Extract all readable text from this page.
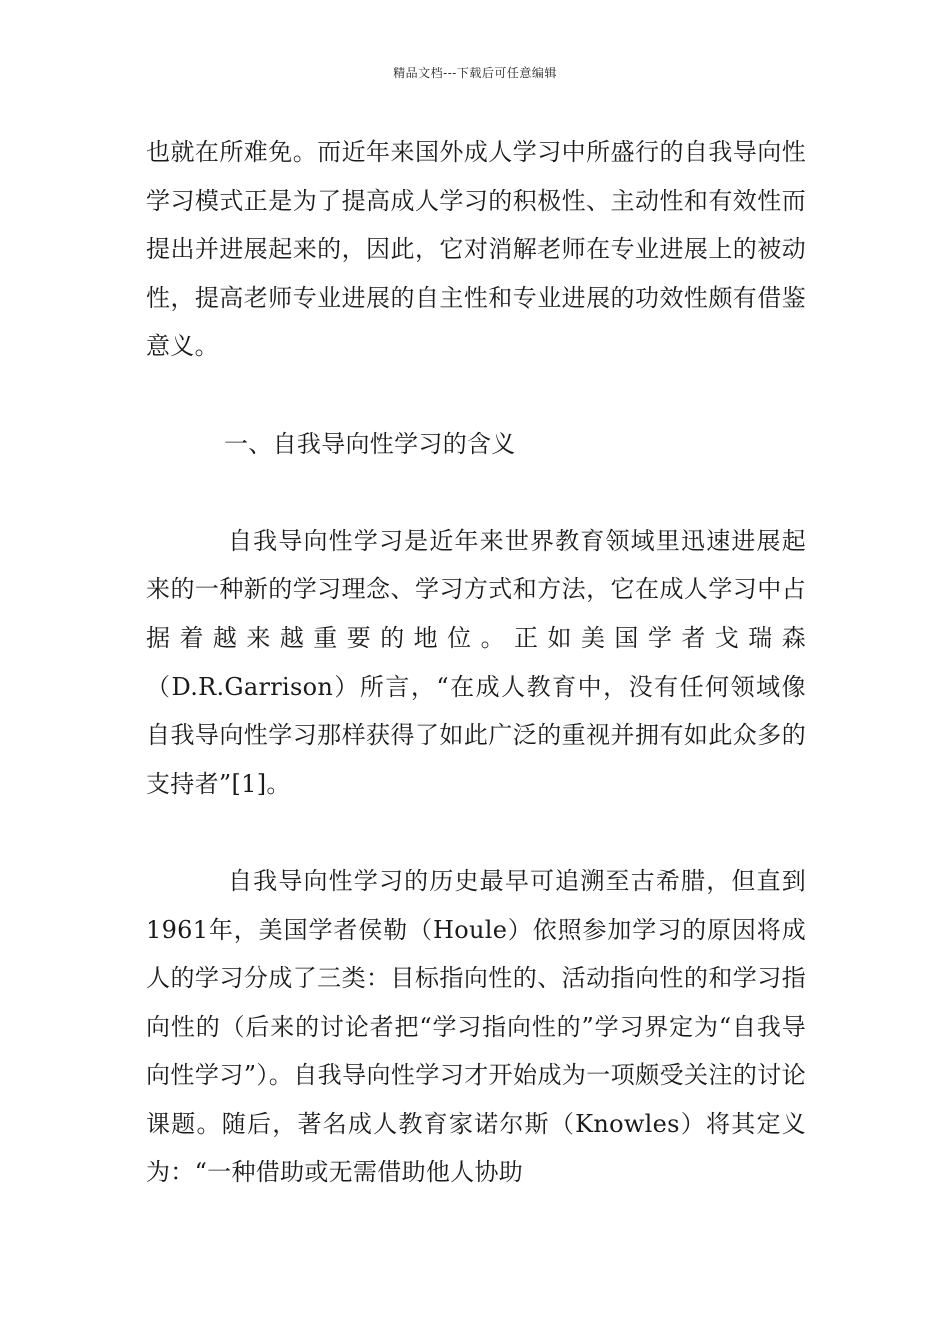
精品文档---下载后可任意编辑

也就在所难免。而近年来国外成人学习中所盛行的自我导向性学习模式正是为了提高成人学习的积极性、主动性和有效性而提出并进展起来的，因此，它对消解老师在专业进展上的被动性，提高老师专业进展的自主性和专业进展的功效性颇有借鉴意义。

一、自我导向性学习的含义

自我导向性学习是近年来世界教育领域里迅速进展起来的一种新的学习理念、学习方式和方法，它在成人学习中占据着越来越重要的地位。正如美国学者戈瑞森（D.R.Garrison）所言，“在成人教育中，没有任何领域像自我导向性学习那样获得了如此广泛的重视并拥有如此众多的支持者”[1]。

自我导向性学习的历史最早可追溯至古希腊，但直到1961年，美国学者侯勒（Houle）依照参加学习的原因将成人的学习分成了三类：目标指向性的、活动指向性的和学习指向性的（后来的讨论者把“学习指向性的”学习界定为“自我导向性学习”）。自我导向性学习才开始成为一项颇受关注的讨论课题。随后，著名成人教育家诺尔斯（Knowles）将其定义为：“一种借助或无需借助他人协助
